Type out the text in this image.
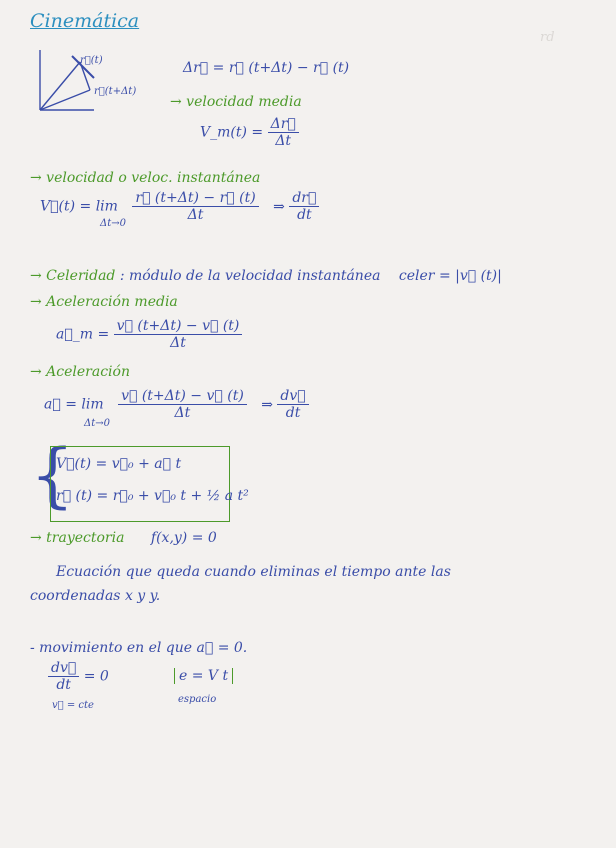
rd
Cinemática
r⃗(t)
r⃗(t+Δt)
Δr⃗ = r⃗ (t+Δt) − r⃗ (t)
→ velocidad media
V_m(t) = $\frac{\Delta r⃗}{\Delta t}$
→ velocidad o veloc. instantánea
V⃗(t) = $\lim \frac{r⃗ (t+\Delta t) - r⃗ (t)}{\Delta t}$ ⇒ $\frac{dr⃗}{dt}$
Δt→0
→ Celeridad : módulo de la velocidad instantánea celer = |v⃗ (t)|
→ Aceleración media
a⃗_m = $\frac{v⃗ (t+\Delta t) - v⃗ (t)}{\Delta t}$
→ Aceleración
a⃗ = $\lim \frac{v⃗ (t+\Delta t) - v⃗ (t)}{\Delta t}$ ⇒ $\frac{dv⃗}{dt}$
Δt→0
{
V⃗(t) = v⃗₀ + a⃗ t
r⃗ (t) = r⃗₀ + v⃗₀ t + ½ a t²
→ trayectoria f(x,y) = 0
Ecuación que queda cuando eliminas el tiempo ante las
coordenadas x y y.
- movimiento en el que a⃗ = 0.
$\frac{dv⃗}{dt} = 0$
v⃗ = cte
e = V t
espacio
